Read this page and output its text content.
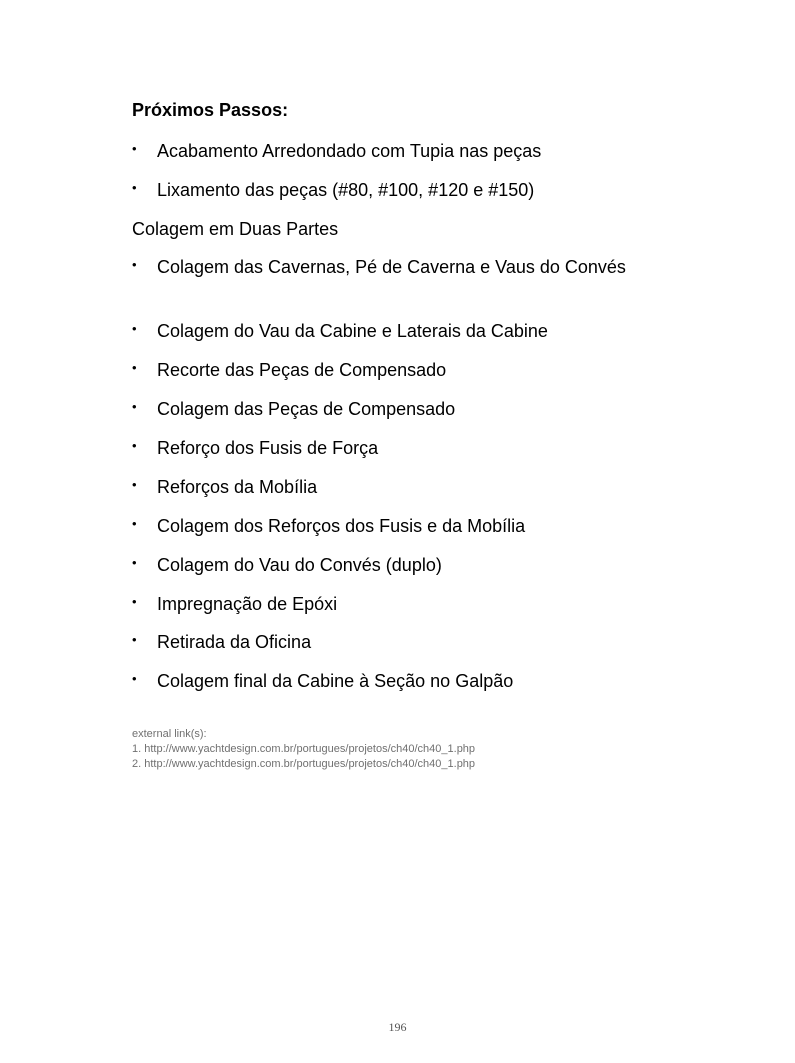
Próximos Passos:
• Acabamento Arredondado com Tupia nas peças
• Lixamento das peças (#80, #100, #120 e #150)
Colagem em Duas Partes
• Colagem das Cavernas, Pé de Caverna e Vaus do Convés
• Colagem do Vau da Cabine e Laterais da Cabine
• Recorte das Peças de Compensado
• Colagem das Peças de Compensado
• Reforço dos Fusis de Força
• Reforços da Mobília
• Colagem dos Reforços dos Fusis e da Mobília
• Colagem do Vau do Convés (duplo)
• Impregnação de Epóxi
• Retirada da Oficina
• Colagem final da Cabine à Seção no Galpão
external link(s):
1. http://www.yachtdesign.com.br/portugues/projetos/ch40/ch40_1.php
2. http://www.yachtdesign.com.br/portugues/projetos/ch40/ch40_1.php
196
